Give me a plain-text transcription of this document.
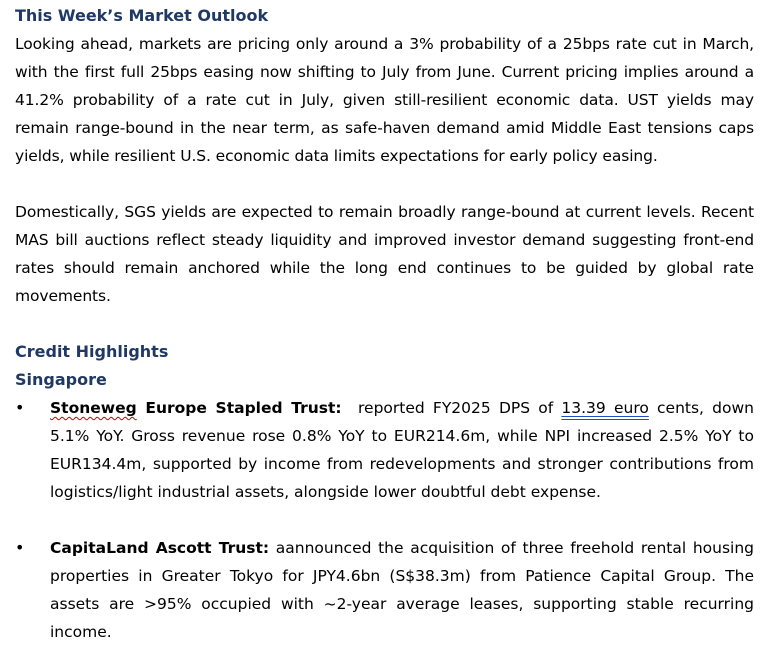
This Week’s Market Outlook

Looking ahead, markets are pricing only around a 3% probability of a 25bps rate cut in March, with the first full 25bps easing now shifting to July from June. Current pricing implies around a 41.2% probability of a rate cut in July, given still-resilient economic data. UST yields may remain range-bound in the near term, as safe-haven demand amid Middle East tensions caps yields, while resilient U.S. economic data limits expectations for early policy easing.

Domestically, SGS yields are expected to remain broadly range-bound at current levels. Recent MAS bill auctions reflect steady liquidity and improved investor demand suggesting front-end rates should remain anchored while the long end continues to be guided by global rate movements.

Credit Highlights
Singapore
• Stoneweg Europe Stapled Trust:  reported FY2025 DPS of 13.39 euro cents, down 5.1% YoY. Gross revenue rose 0.8% YoY to EUR214.6m, while NPI increased 2.5% YoY to EUR134.4m, supported by income from redevelopments and stronger contributions from logistics/light industrial assets, alongside lower doubtful debt expense.
• CapitaLand Ascott Trust: aannounced the acquisition of three freehold rental housing properties in Greater Tokyo for JPY4.6bn (S$38.3m) from Patience Capital Group. The assets are >95% occupied with ~2-year average leases, supporting stable recurring income.
